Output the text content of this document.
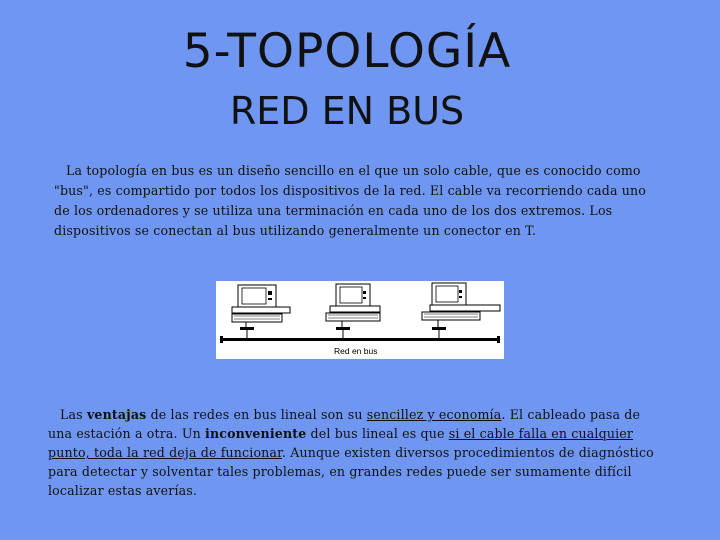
5-TOPOLOGÍA
RED EN BUS

La topología en bus es un diseño sencillo en el que un solo cable, que es conocido como "bus", es compartido por todos los dispositivos de la red. El cable va recorriendo cada uno de los ordenadores y se utiliza una terminación en cada uno de los dos extremos. Los dispositivos se conectan al bus utilizando generalmente un conector en T.

Red en bus

Las ventajas de las redes en bus lineal son su sencillez y economía. El cableado pasa de una estación a otra. Un inconveniente del bus lineal es que si el cable falla en cualquier punto, toda la red deja de funcionar. Aunque existen diversos procedimientos de diagnóstico para detectar y solventar tales problemas, en grandes redes puede ser sumamente difícil localizar estas averías.
